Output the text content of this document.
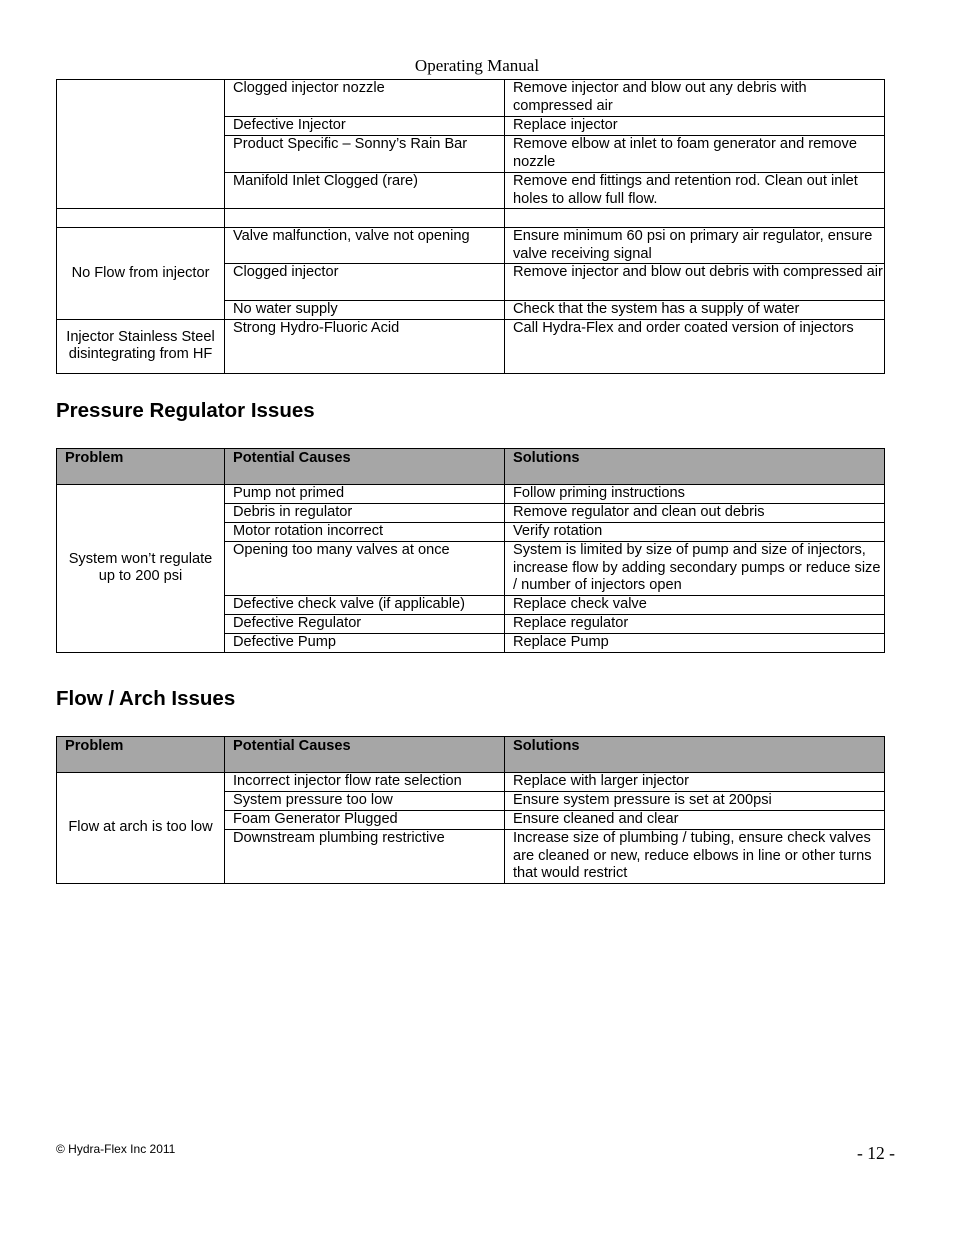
Operating Manual
	Clogged injector nozzle	Remove injector and blow out any debris with compressed air
	Defective Injector	Replace injector
	Product Specific – Sonny’s Rain Bar	Remove elbow at inlet to foam generator and remove nozzle
	Manifold Inlet Clogged (rare)	Remove end fittings and retention rod. Clean out inlet holes to allow full flow.

No Flow from injector	Valve malfunction, valve not opening	Ensure minimum 60 psi on primary air regulator, ensure valve receiving signal
	Clogged injector	Remove injector and blow out debris with compressed air
	No water supply	Check that the system has a supply of water
Injector Stainless Steel disintegrating from HF	Strong Hydro-Fluoric Acid	Call Hydra-Flex and order coated version of injectors
Pressure Regulator Issues
Problem	Potential Causes	Solutions
System won’t regulate up to 200 psi	Pump not primed	Follow priming instructions
	Debris in regulator	Remove regulator and clean out debris
	Motor rotation incorrect	Verify rotation
	Opening too many valves at once	System is limited by size of pump and size of injectors, increase flow by adding secondary pumps or reduce size / number of injectors open
	Defective check valve (if applicable)	Replace check valve
	Defective Regulator	Replace regulator
	Defective Pump	Replace Pump
Flow / Arch Issues
Problem	Potential Causes	Solutions
Flow at arch is too low	Incorrect injector flow rate selection	Replace with larger injector
	System pressure too low	Ensure system pressure is set at 200psi
	Foam Generator Plugged	Ensure cleaned and clear
	Downstream plumbing restrictive	Increase size of plumbing / tubing, ensure check valves are cleaned or new, reduce elbows in line or other turns that would restrict
© Hydra-Flex Inc 2011	- 12 -
